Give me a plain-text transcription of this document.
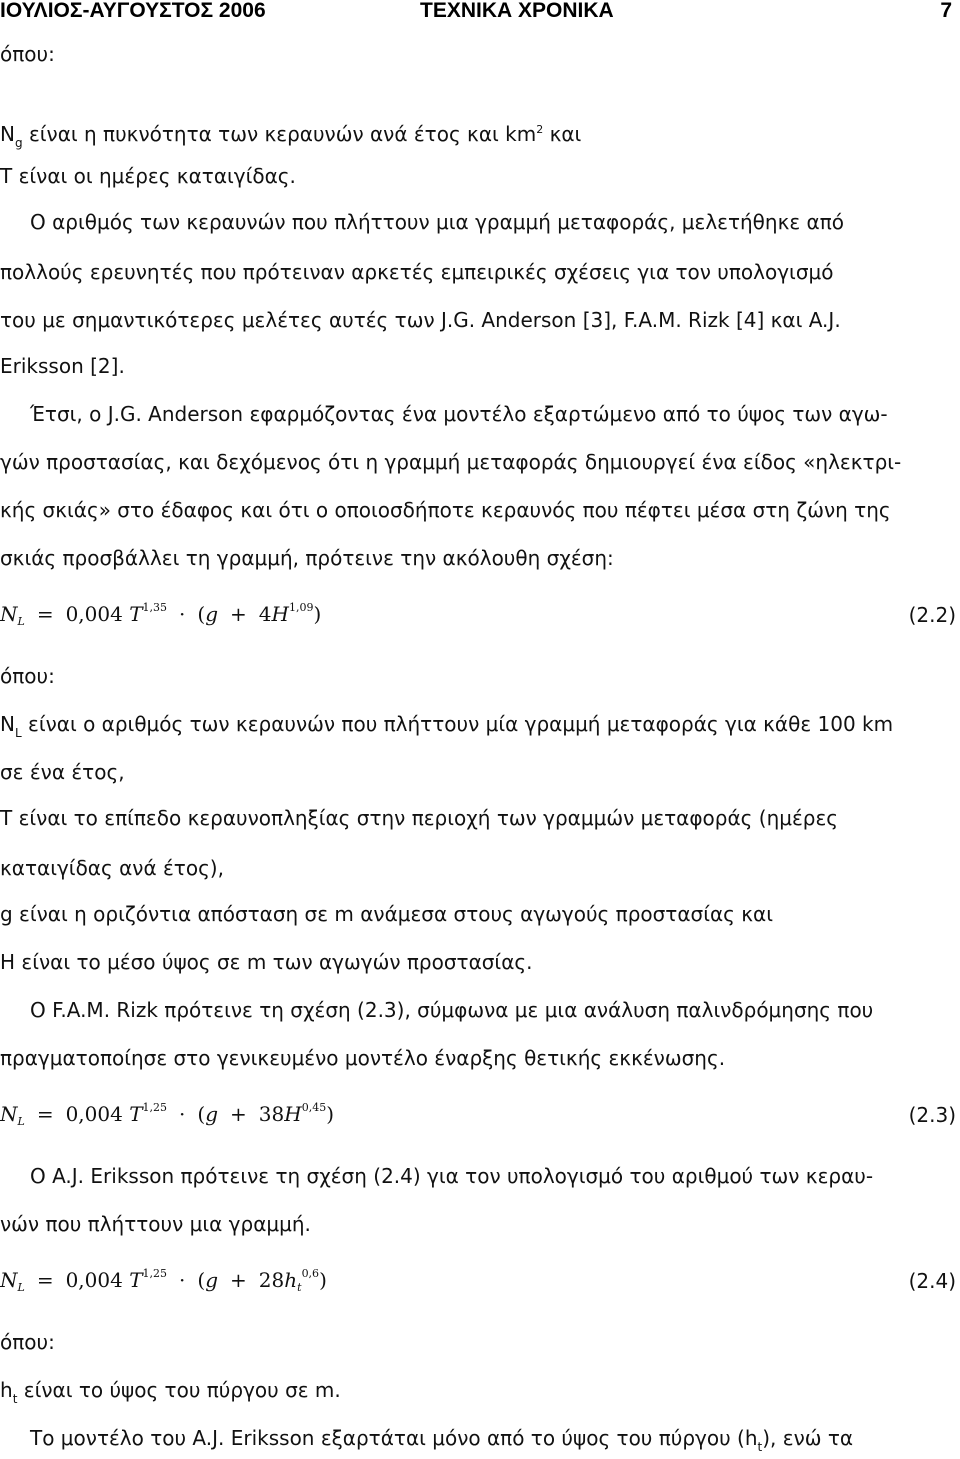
ΙΟΥΛΙΟΣ-ΑΥΓΟΥΣΤΟΣ 2006	ΤΕΧΝΙΚΑ ΧΡΟΝΙΚΑ	7
όπου:
$N_g$ είναι η πυκνότητα των κεραυνών ανά έτος και $km^2$ και
Τ είναι οι ημέρες καταιγίδας.
Ο αριθμός των κεραυνών που πλήττουν μια γραμμή μεταφοράς, μελετήθηκε από
πολλούς ερευνητές που πρότειναν αρκετές εμπειρικές σχέσεις για τον υπολογισμό
του με σημαντικότερες μελέτες αυτές των J.G. Anderson [3], F.A.M. Rizk [4] και A.J.
Eriksson [2].
Έτσι, ο J.G. Anderson εφαρμόζοντας ένα μοντέλο εξαρτώμενο από το ύψος των αγω-
γών προστασίας, και δεχόμενος ότι η γραμμή μεταφοράς δημιουργεί ένα είδος «ηλεκτρι-
κής σκιάς» στο έδαφος και ότι ο οποιοσδήποτε κεραυνός που πέφτει μέσα στη ζώνη της
σκιάς προσβάλλει τη γραμμή, πρότεινε την ακόλουθη σχέση:
$N_L = 0,004$ $T^{1,35} \cdot (g + 4H^{1,09})$	(2.2)
όπου:
$N_L$ είναι ο αριθμός των κεραυνών που πλήττουν μία γραμμή μεταφοράς για κάθε 100 km
σε ένα έτος,
Τ είναι το επίπεδο κεραυνοπληξίας στην περιοχή των γραμμών μεταφοράς (ημέρες
καταιγίδας ανά έτος),
g είναι η οριζόντια απόσταση σε m ανάμεσα στους αγωγούς προστασίας και
Η είναι το μέσο ύψος σε m των αγωγών προστασίας.
Ο F.A.M. Rizk πρότεινε τη σχέση (2.3), σύμφωνα με μια ανάλυση παλινδρόμησης που
πραγματοποίησε στο γενικευμένο μοντέλο έναρξης θετικής εκκένωσης.
$N_L = 0,004$ $T^{1,25} \cdot (g + 38H^{0,45})$	(2.3)
Ο A.J. Eriksson πρότεινε τη σχέση (2.4) για τον υπολογισμό του αριθμού των κεραυ-
νών που πλήττουν μια γραμμή.
$N_L = 0,004$ $T^{1,25} \cdot (g + 28h_t^{0,6})$	(2.4)
όπου:
$h_t$ είναι το ύψος του πύργου σε m.
Το μοντέλο του A.J. Eriksson εξαρτάται μόνο από το ύψος του πύργου $(h_t)$, ενώ τα
